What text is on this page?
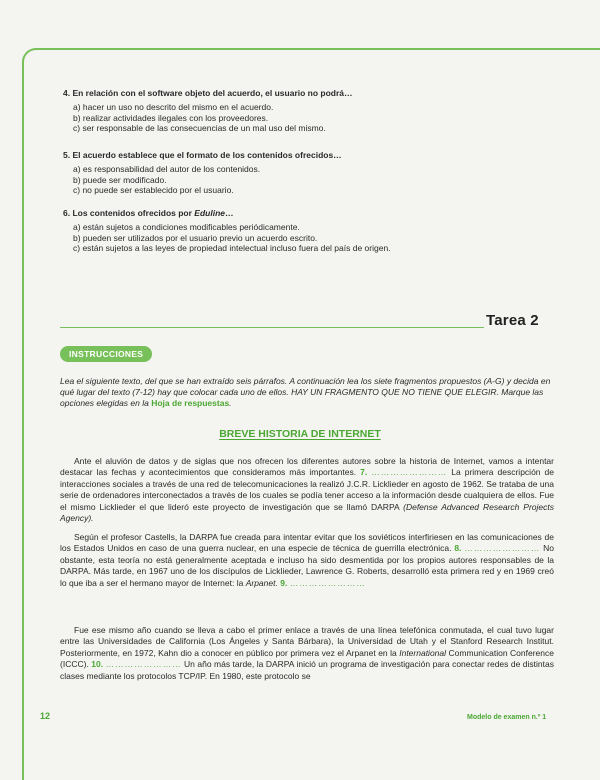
4. En relación con el software objeto del acuerdo, el usuario no podrá…
a) hacer un uso no descrito del mismo en el acuerdo.
b) realizar actividades ilegales con los proveedores.
c) ser responsable de las consecuencias de un mal uso del mismo.
5. El acuerdo establece que el formato de los contenidos ofrecidos…
a) es responsabilidad del autor de los contenidos.
b) puede ser modificado.
c) no puede ser establecido por el usuario.
6. Los contenidos ofrecidos por Eduline…
a) están sujetos a condiciones modificables periódicamente.
b) pueden ser utilizados por el usuario previo un acuerdo escrito.
c) están sujetos a las leyes de propiedad intelectual incluso fuera del país de origen.
Tarea 2
INSTRUCCIONES
Lea el siguiente texto, del que se han extraído seis párrafos. A continuación lea los siete fragmentos propuestos (A-G) y decida en qué lugar del texto (7-12) hay que colocar cada uno de ellos. HAY UN FRAGMENTO QUE NO TIENE QUE ELEGIR. Marque las opciones elegidas en la Hoja de respuestas.
BREVE HISTORIA DE INTERNET
Ante el aluvión de datos y de siglas que nos ofrecen los diferentes autores sobre la historia de Internet, vamos a intentar destacar las fechas y acontecimientos que consideramos más importantes. 7. …………………… La primera descripción de interacciones sociales a través de una red de telecomunicaciones la realizó J.C.R. Licklieder en agosto de 1962. Se trataba de una serie de ordenadores interconectados a través de los cuales se podía tener acceso a la información desde cualquiera de ellos. Fue el mismo Licklieder el que lideró este proyecto de investigación que se llamó DARPA (Defense Advanced Research Projects Agency).
Según el profesor Castells, la DARPA fue creada para intentar evitar que los soviéticos interfiriesen en las comunicaciones de los Estados Unidos en caso de una guerra nuclear, en una especie de técnica de guerrilla electrónica. 8. …………………… No obstante, esta teoría no está generalmente aceptada e incluso ha sido desmentida por los propios autores responsables de la DARPA. Más tarde, en 1967 uno de los discípulos de Licklieder, Lawrence G. Roberts, desarrolló esta primera red y en 1969 creó lo que iba a ser el hermano mayor de Internet: la Arpanet. 9. ……………………
Fue ese mismo año cuando se lleva a cabo el primer enlace a través de una línea telefónica conmutada, el cual tuvo lugar entre las Universidades de California (Los Ángeles y Santa Bárbara), la Universidad de Utah y el Stanford Research Institut. Posteriormente, en 1972, Kahn dio a conocer en público por primera vez el Arpanet en la International Communication Conference (ICCC). 10. …………………… Un año más tarde, la DARPA inició un programa de investigación para conectar redes de distintas clases mediante los protocolos TCP/IP. En 1980, este protocolo se
12	Modelo de examen n.º 1
